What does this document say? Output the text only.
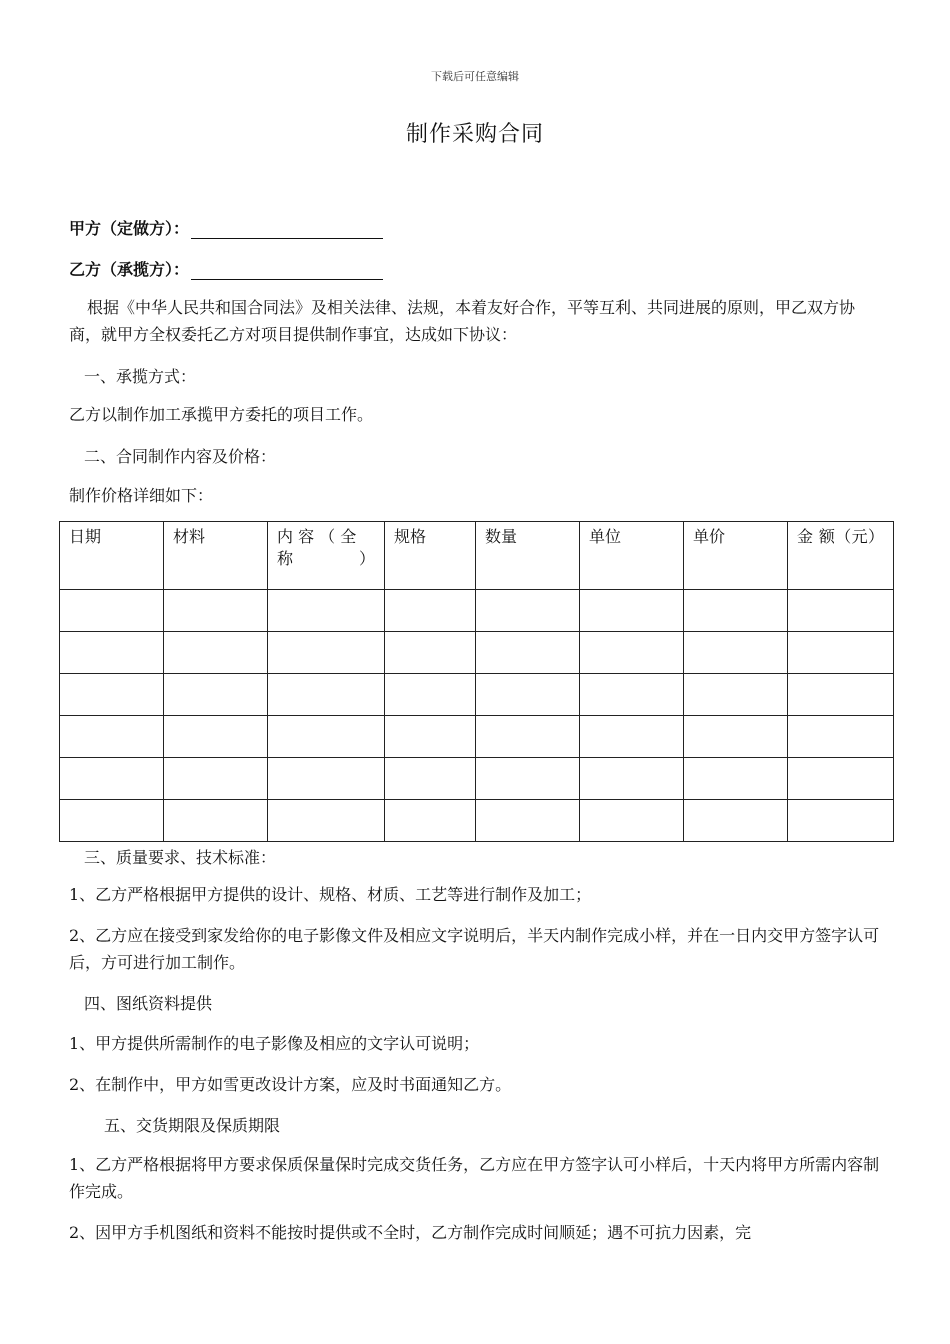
下载后可任意编辑
制作采购合同
甲方（定做方）：
乙方（承揽方）：
根据《中华人民共和国合同法》及相关法律、法规，本着友好合作，平等互利、共同进展的原则，甲乙双方协商，就甲方全权委托乙方对项目提供制作事宜，达成如下协议：
一、承揽方式：
乙方以制作加工承揽甲方委托的项目工作。
二、合同制作内容及价格：
制作价格详细如下：
日期	材料	内 容 （ 全称）	规格	数量	单位	单价	金 额（元）

三、质量要求、技术标准：
1、乙方严格根据甲方提供的设计、规格、材质、工艺等进行制作及加工；
2、乙方应在接受到家发给你的电子影像文件及相应文字说明后，半天内制作完成小样，并在一日内交甲方签字认可后，方可进行加工制作。
四、图纸资料提供
1、甲方提供所需制作的电子影像及相应的文字认可说明；
2、在制作中，甲方如雪更改设计方案，应及时书面通知乙方。
五、交货期限及保质期限
1、乙方严格根据将甲方要求保质保量保时完成交货任务，乙方应在甲方签字认可小样后，十天内将甲方所需内容制作完成。
2、因甲方手机图纸和资料不能按时提供或不全时，乙方制作完成时间顺延；遇不可抗力因素，完
